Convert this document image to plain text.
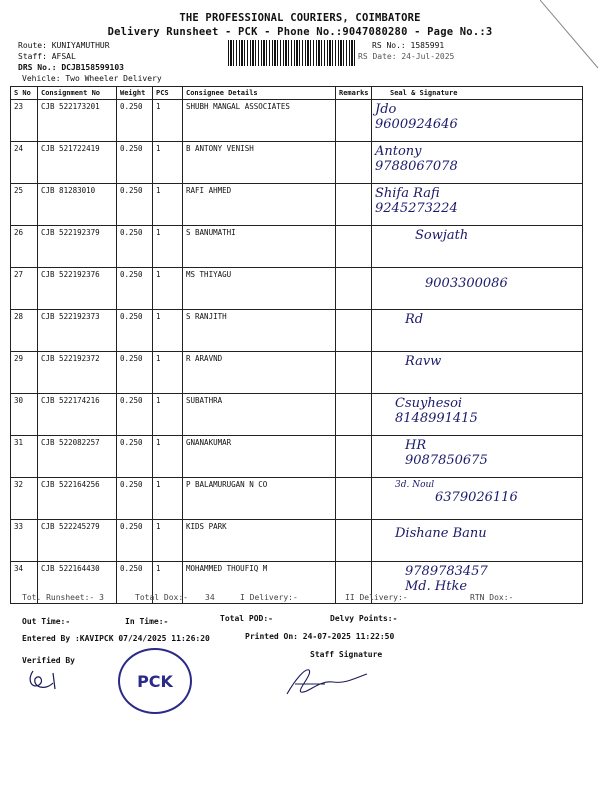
THE PROFESSIONAL COURIERS, COIMBATORE
Delivery Runsheet - PCK - Phone No.:9047080280 - Page No.:3
Route: KUNIYAMUTHUR
Staff: AFSAL
DRS No.: DCJB158599103
Vehicle: Two Wheeler Delivery
RS No.: 1585991
RS Date: 24-Jul-2025
S No	Consignment No	Weight	PCS	Consignee Details	Remarks	Seal & Signature
23	CJB 522173201	0.250	1	SHUBH MANGAL ASSOCIATES		Jdo
9600924646

24	CJB 521722419	0.250	1	B ANTONY VENISH		Antony
9788067078

25	CJB 81283010	0.250	1	RAFI AHMED		Shifa Rafi
9245273224

26	CJB 522192379	0.250	1	S BANUMATHI		Sowjath

27	CJB 522192376	0.250	1	MS THIYAGU		9003300086

28	CJB 522192373	0.250	1	S RANJITH		Rd

29	CJB 522192372	0.250	1	R ARAVND		Ravw

30	CJB 522174216	0.250	1	SUBATHRA		Csuyhesoi
8148991415

31	CJB 522082257	0.250	1	GNANAKUMAR		HR
9087850675

32	CJB 522164256	0.250	1	P BALAMURUGAN N CO		3d. Noul
6379026116

33	CJB 522245279	0.250	1	KIDS PARK		Dishane Banu

34	CJB 522164430	0.250	1	MOHAMMED THOUFIQ M		9789783457
Md. Htke
Tot. Runsheet:- 3	Total Dox:- 34	I Delivery:-	II Delivery:-	RTN Dox:-
Out Time:-	In Time:-	Total POD:-	Delvy Points:-
Entered By :KAVIPCK 07/24/2025 11:26:20	Printed On: 24-07-2025 11:22:50
Verified By
PCK
Staff Signature
